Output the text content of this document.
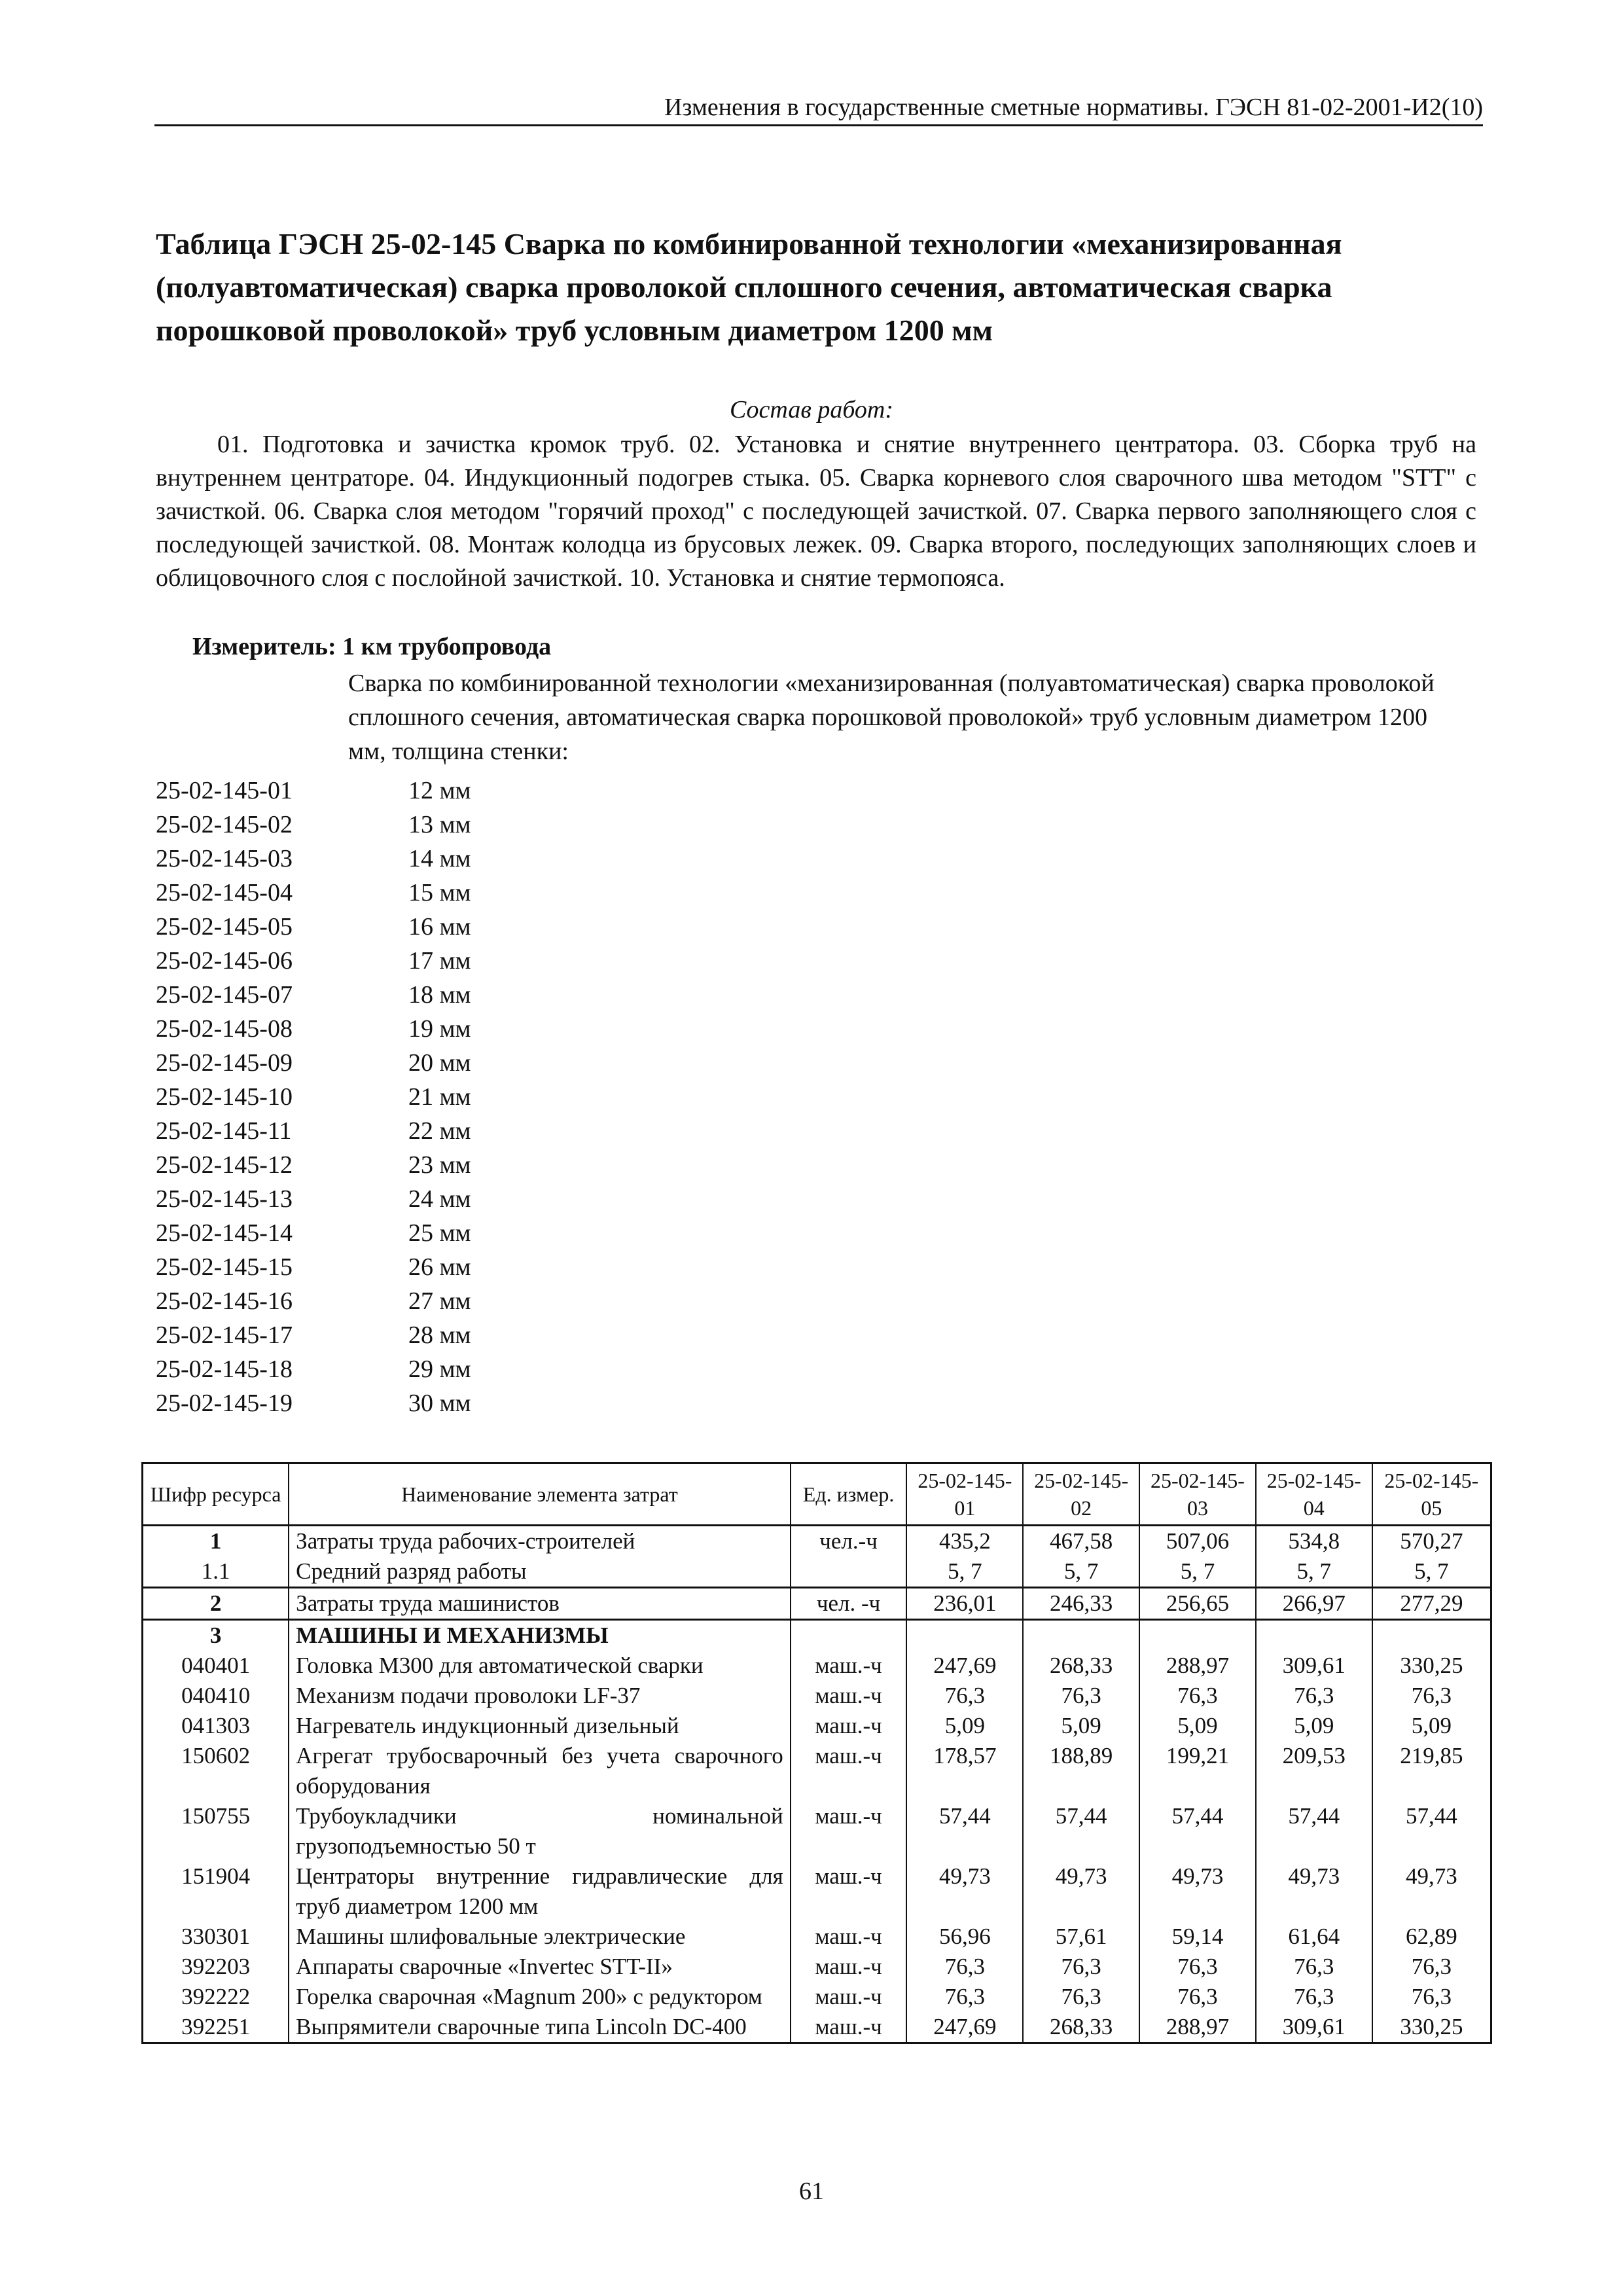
Изменения в государственные сметные нормативы. ГЭСН 81-02-2001-И2(10)
Таблица ГЭСН 25-02-145 Сварка по комбинированной технологии «механизированная (полуавтоматическая) сварка проволокой сплошного сечения, автоматическая сварка порошковой проволокой» труб условным диаметром 1200 мм
Состав работ:
01. Подготовка и зачистка кромок труб. 02. Установка и снятие внутреннего центратора. 03. Сборка труб на внутреннем центраторе. 04. Индукционный подогрев стыка. 05. Сварка корневого слоя сварочного шва методом "STT" с зачисткой. 06. Сварка слоя методом "горячий проход" с последующей зачисткой. 07. Сварка первого заполняющего слоя с последующей зачисткой. 08. Монтаж колодца из брусовых лежек. 09. Сварка второго, последующих заполняющих слоев и облицовочного слоя с послойной зачисткой. 10. Установка и снятие термопояса.
Измеритель: 1 км трубопровода
Сварка по комбинированной технологии «механизированная (полуавтоматическая) сварка проволокой сплошного сечения, автоматическая сварка порошковой проволокой» труб условным диаметром 1200 мм, толщина стенки:
25-02-145-01	12 мм
25-02-145-02	13 мм
25-02-145-03	14 мм
25-02-145-04	15 мм
25-02-145-05	16 мм
25-02-145-06	17 мм
25-02-145-07	18 мм
25-02-145-08	19 мм
25-02-145-09	20 мм
25-02-145-10	21 мм
25-02-145-11	22 мм
25-02-145-12	23 мм
25-02-145-13	24 мм
25-02-145-14	25 мм
25-02-145-15	26 мм
25-02-145-16	27 мм
25-02-145-17	28 мм
25-02-145-18	29 мм
25-02-145-19	30 мм
Шифр ресурса	Наименование элемента затрат	Ед. измер.	25-02-145-01	25-02-145-02	25-02-145-03	25-02-145-04	25-02-145-05
1	Затраты труда рабочих-строителей	чел.-ч	435,2	467,58	507,06	534,8	570,27
1.1	Средний разряд работы		5, 7	5, 7	5, 7	5, 7	5, 7
2	Затраты труда машинистов	чел. -ч	236,01	246,33	256,65	266,97	277,29
3	МАШИНЫ И МЕХАНИЗМЫ						
040401	Головка М300 для автоматической сварки	маш.-ч	247,69	268,33	288,97	309,61	330,25
040410	Механизм подачи проволоки LF-37	маш.-ч	76,3	76,3	76,3	76,3	76,3
041303	Нагреватель индукционный дизельный	маш.-ч	5,09	5,09	5,09	5,09	5,09
150602	Агрегат трубосварочный без учета сварочного оборудования	маш.-ч	178,57	188,89	199,21	209,53	219,85
150755	Трубоукладчики номинальной грузоподъемностью 50 т	маш.-ч	57,44	57,44	57,44	57,44	57,44
151904	Центраторы внутренние гидравлические для труб диаметром 1200 мм	маш.-ч	49,73	49,73	49,73	49,73	49,73
330301	Машины шлифовальные электрические	маш.-ч	56,96	57,61	59,14	61,64	62,89
392203	Аппараты сварочные «Invertec STT-II»	маш.-ч	76,3	76,3	76,3	76,3	76,3
392222	Горелка сварочная «Magnum 200» с редуктором	маш.-ч	76,3	76,3	76,3	76,3	76,3
392251	Выпрямители сварочные типа Lincoln DC-400	маш.-ч	247,69	268,33	288,97	309,61	330,25
61
